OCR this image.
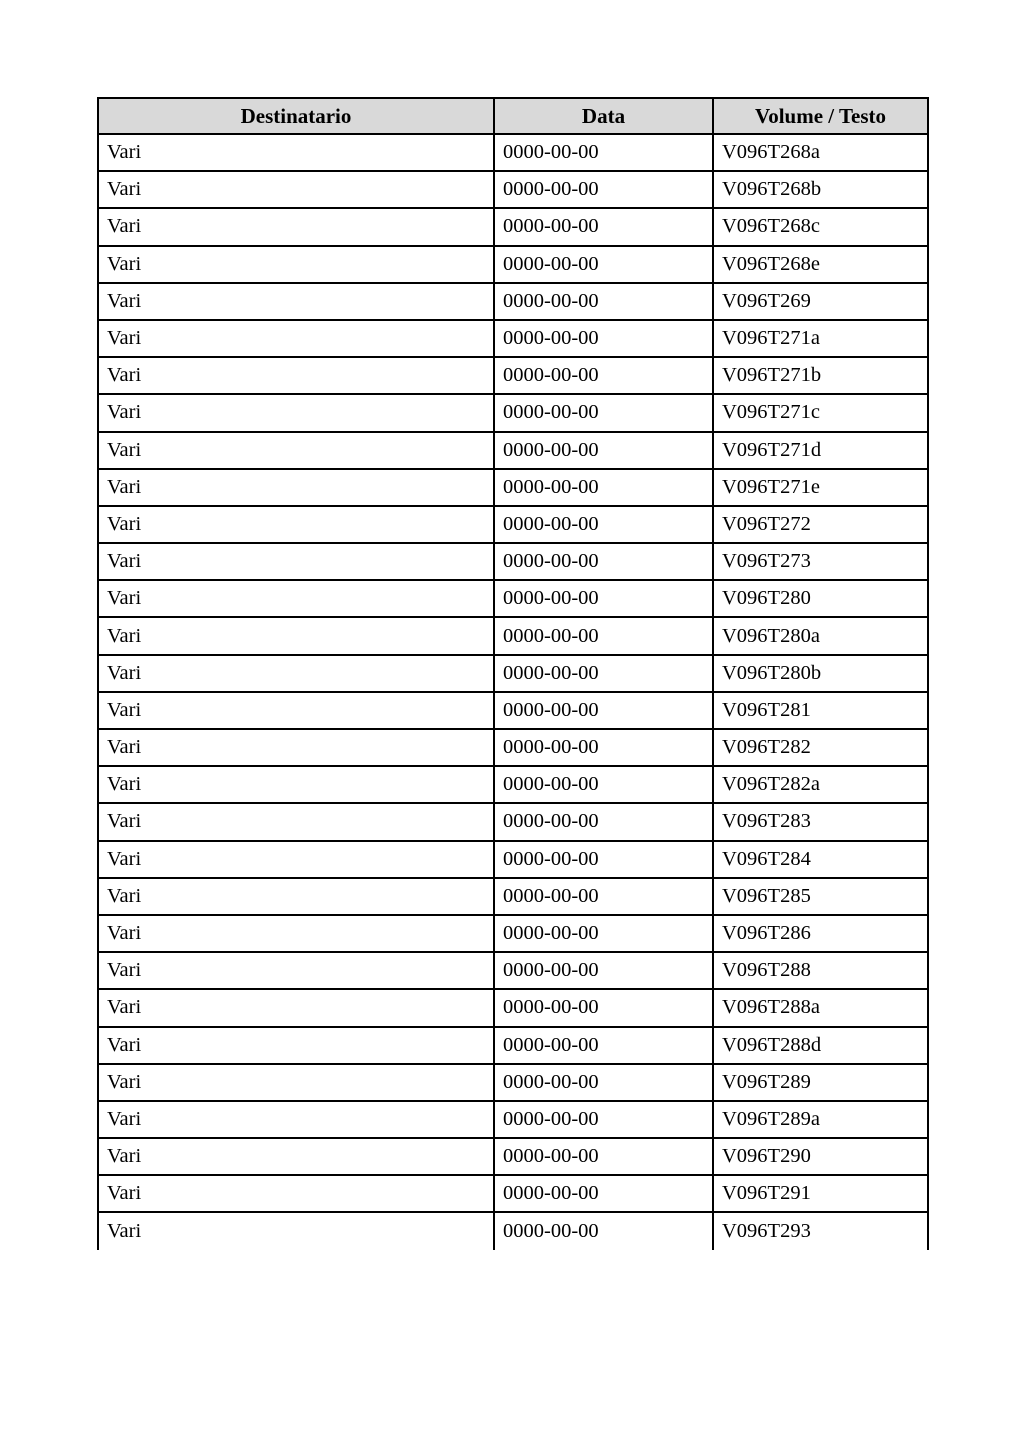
Destinatario	Data	Volume / Testo
Vari	0000-00-00	V096T268a
Vari	0000-00-00	V096T268b
Vari	0000-00-00	V096T268c
Vari	0000-00-00	V096T268e
Vari	0000-00-00	V096T269
Vari	0000-00-00	V096T271a
Vari	0000-00-00	V096T271b
Vari	0000-00-00	V096T271c
Vari	0000-00-00	V096T271d
Vari	0000-00-00	V096T271e
Vari	0000-00-00	V096T272
Vari	0000-00-00	V096T273
Vari	0000-00-00	V096T280
Vari	0000-00-00	V096T280a
Vari	0000-00-00	V096T280b
Vari	0000-00-00	V096T281
Vari	0000-00-00	V096T282
Vari	0000-00-00	V096T282a
Vari	0000-00-00	V096T283
Vari	0000-00-00	V096T284
Vari	0000-00-00	V096T285
Vari	0000-00-00	V096T286
Vari	0000-00-00	V096T288
Vari	0000-00-00	V096T288a
Vari	0000-00-00	V096T288d
Vari	0000-00-00	V096T289
Vari	0000-00-00	V096T289a
Vari	0000-00-00	V096T290
Vari	0000-00-00	V096T291
Vari	0000-00-00	V096T293
